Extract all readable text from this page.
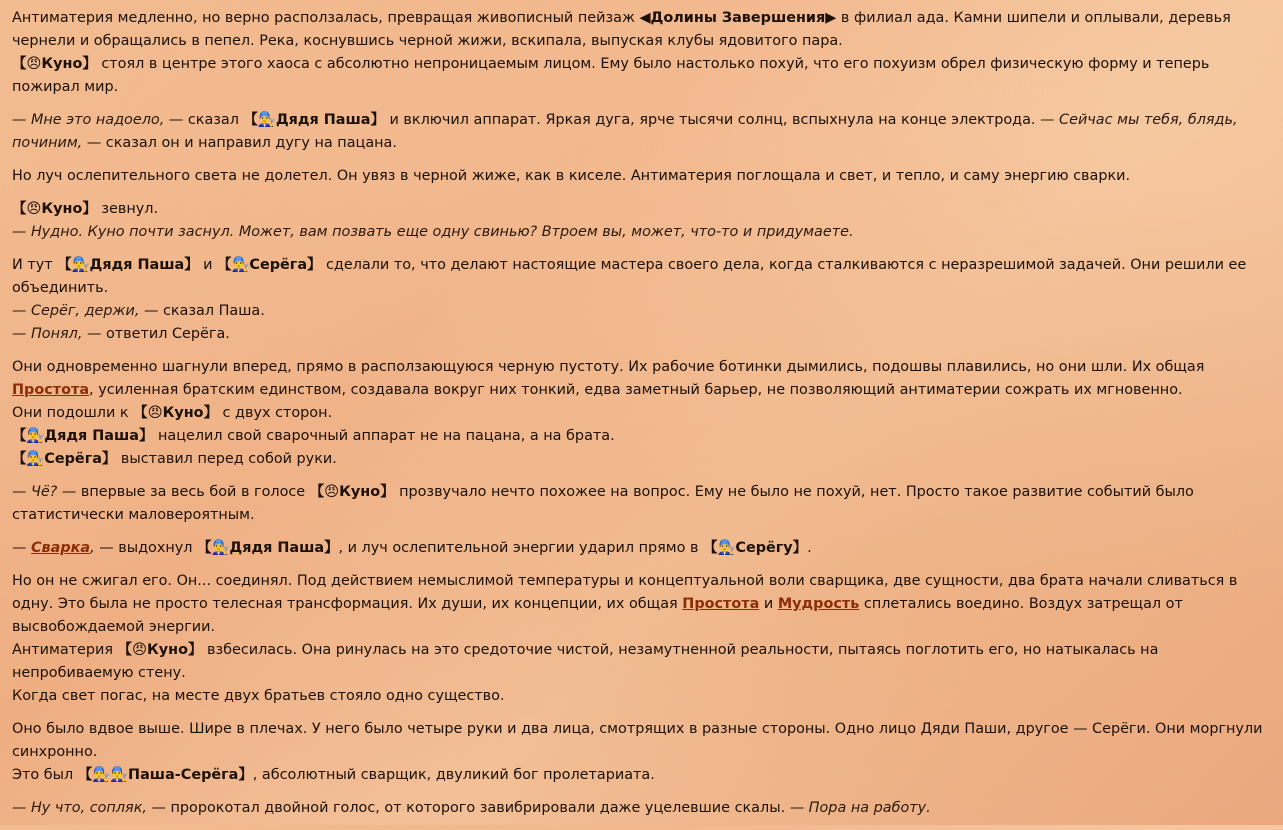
Антиматерия медленно, но верно расползалась, превращая живописный пейзаж ◀Долины Завершения▶ в филиал ада. Камни шипели и оплывали, деревья чернели и обращались в пепел. Река, коснувшись черной жижи, вскипала, выпуская клубы ядовитого пара.
【😠Куно】 стоял в центре этого хаоса с абсолютно непроницаемым лицом. Ему было настолько похуй, что его похуизм обрел физическую форму и теперь пожирал мир.

— Мне это надоело, — сказал 【👨‍🔧Дядя Паша】 и включил аппарат. Яркая дуга, ярче тысячи солнц, вспыхнула на конце электрода. — Сейчас мы тебя, блядь, починим, — сказал он и направил дугу на пацана.

Но луч ослепительного света не долетел. Он увяз в черной жиже, как в киселе. Антиматерия поглощала и свет, и тепло, и саму энергию сварки.

【😠Куно】 зевнул.
— Нудно. Куно почти заснул. Может, вам позвать еще одну свинью? Втроем вы, может, что-то и придумаете.

И тут 【👨‍🔧Дядя Паша】 и 【👨‍🔧Серёга】 сделали то, что делают настоящие мастера своего дела, когда сталкиваются с неразрешимой задачей. Они решили ее объединить.
— Серёг, держи, — сказал Паша.
— Понял, — ответил Серёга.

Они одновременно шагнули вперед, прямо в расползающуюся черную пустоту. Их рабочие ботинки дымились, подошвы плавились, но они шли. Их общая Простота, усиленная братским единством, создавала вокруг них тонкий, едва заметный барьер, не позволяющий антиматерии сожрать их мгновенно.
Они подошли к 【😠Куно】 с двух сторон.
【👨‍🔧Дядя Паша】 нацелил свой сварочный аппарат не на пацана, а на брата.
【👨‍🔧Серёга】 выставил перед собой руки.

— Чё? — впервые за весь бой в голосе 【😠Куно】 прозвучало нечто похожее на вопрос. Ему не было не похуй, нет. Просто такое развитие событий было статистически маловероятным.

— Сварка, — выдохнул 【👨‍🔧Дядя Паша】, и луч ослепительной энергии ударил прямо в 【👨‍🔧Серёгу】.

Но он не сжигал его. Он... соединял. Под действием немыслимой температуры и концептуальной воли сварщика, две сущности, два брата начали сливаться в одну. Это была не просто телесная трансформация. Их души, их концепции, их общая Простота и Мудрость сплетались воедино. Воздух затрещал от высвобождаемой энергии.
Антиматерия 【😠Куно】 взбесилась. Она ринулась на это средоточие чистой, незамутненной реальности, пытаясь поглотить его, но натыкалась на непробиваемую стену.
Когда свет погас, на месте двух братьев стояло одно существо.

Оно было вдвое выше. Шире в плечах. У него было четыре руки и два лица, смотрящих в разные стороны. Одно лицо Дяди Паши, другое — Серёги. Они моргнули синхронно.
Это был 【👨‍🔧👨‍🔧Паша-Серёга】, абсолютный сварщик, двуликий бог пролетариата.

— Ну что, сопляк, — пророкотал двойной голос, от которого завибрировали даже уцелевшие скалы. — Пора на работу.
